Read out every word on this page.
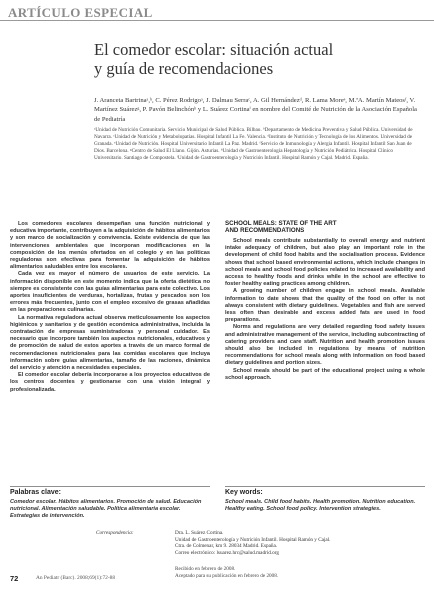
ARTÍCULO ESPECIAL
El comedor escolar: situación actual
y guía de recomendaciones
J. Aranceta Bartrinaᵃ,ᵇ, C. Pérez Rodrigoᵃ, J. Dalmau Serraᶜ, A. Gil Hernándezᵈ, R. Lama Moreᵉ, M.ªA. Martín Mateosᶠ, V. Martínez Suárezᵍ, P. Pavón Belinchónʰ y L. Suárez Cortinaⁱ en nombre del Comité de Nutrición de la Asociación Española de Pediatría
ᵃUnidad de Nutrición Comunitaria. Servicio Municipal de Salud Pública. Bilbao. ᵇDepartamento de Medicina Preventiva y Salud Pública. Universidad de Navarra. ᶜUnidad de Nutrición y Metabolopatías. Hospital Infantil La Fe. Valencia. ᵈInstituto de Nutrición y Tecnología de los Alimentos. Universidad de Granada. ᵉUnidad de Nutrición. Hospital Universitario Infantil La Paz. Madrid. ᶠServicio de Inmunología y Alergia Infantil. Hospital Infantil San Juan de Dios. Barcelona. ᵍCentro de Salud El Llano. Gijón. Asturias. ʰUnidad de Gastroenterología Hepatología y Nutrición Pediátrica. Hospital Clínico Universitario. Santiago de Compostela. ⁱUnidad de Gastroenterología y Nutrición Infantil. Hospital Ramón y Cajal. Madrid. España.

Los comedores escolares desempeñan una función nutricional y educativa importante, contribuyen a la adquisición de hábitos alimentarios y son marco de socialización y convivencia. Existe evidencia de que las intervenciones ambientales que incorporan modificaciones en la composición de los menús ofertados en el colegio y en las políticas reguladoras son efectivas para fomentar la adquisición de hábitos alimentarios saludables entre los escolares.

Cada vez es mayor el número de usuarios de este servicio. La información disponible en este momento indica que la oferta dietética no siempre es consistente con las guías alimentarias para este colectivo. Los aportes insuficientes de verduras, hortalizas, frutas y pescados son los errores más frecuentes, junto con el empleo excesivo de grasas añadidas en las preparaciones culinarias.

La normativa reguladora actual observa meticulosamente los aspectos higiénicos y sanitarios y de gestión económica administrativa, incluida la contratación de empresas suministradoras y personal cuidador. Es necesario que incorpore también los aspectos nutricionales, educativos y de promoción de salud de estos aportes a través de un marco formal de recomendaciones nutricionales para las comidas escolares que incluya información sobre guías alimentarias, tamaño de las raciones, dinámica del servicio y atención a necesidades especiales.

El comedor escolar debería incorporarse a los proyectos educativos de los centros docentes y gestionarse con una visión integral y profesionalizada.

Palabras clave:
Comedor escolar. Hábitos alimentarios. Promoción de salud. Educación nutricional. Alimentación saludable. Política alimentaria escolar. Estrategias de intervención.
SCHOOL MEALS: STATE OF THE ART
AND RECOMMENDATIONS

School meals contribute substantially to overall energy and nutrient intake adequacy of children, but also play an important role in the development of child food habits and the socialisation process. Evidence shows that school based environmental actions, which include changes in school meals and school food policies related to increased availability and access to healthy foods and drinks while in the school are effective to foster healthy eating practices among children.

A growing number of children engage in school meals. Available information to date shows that the quality of the food on offer is not always consistent with dietary guidelines. Vegetables and fish are served less often than desirable and excess added fats are used in food preparations.

Norms and regulations are very detailed regarding food safety issues and administrative management of the service, including subcontracting of catering providers and care staff. Nutrition and health promotion issues should also be included in regulations by means of nutrition recommendations for school meals along with information on food based dietary guidelines and portion sizes.

School meals should be part of the educational project using a whole school approach.

Key words:
School meals. Child food habits. Health promotion. Nutrition education. Healthy eating. School food policy. Intervention strategies.
Correspondencia:	Dra. L. Suárez Cortina.
Unidad de Gastroenterología y Nutrición Infantil. Hospital Ramón y Cajal.
Ctra. de Colmenar, km 9. 28034 Madrid. España.
Correo electrónico: lsuarez.hrc@salud.madrid.org
Recibido en febrero de 2008.
Aceptado para su publicación en febrero de 2008.
72	An Pediatr (Barc). 2008;69(1):72-88
